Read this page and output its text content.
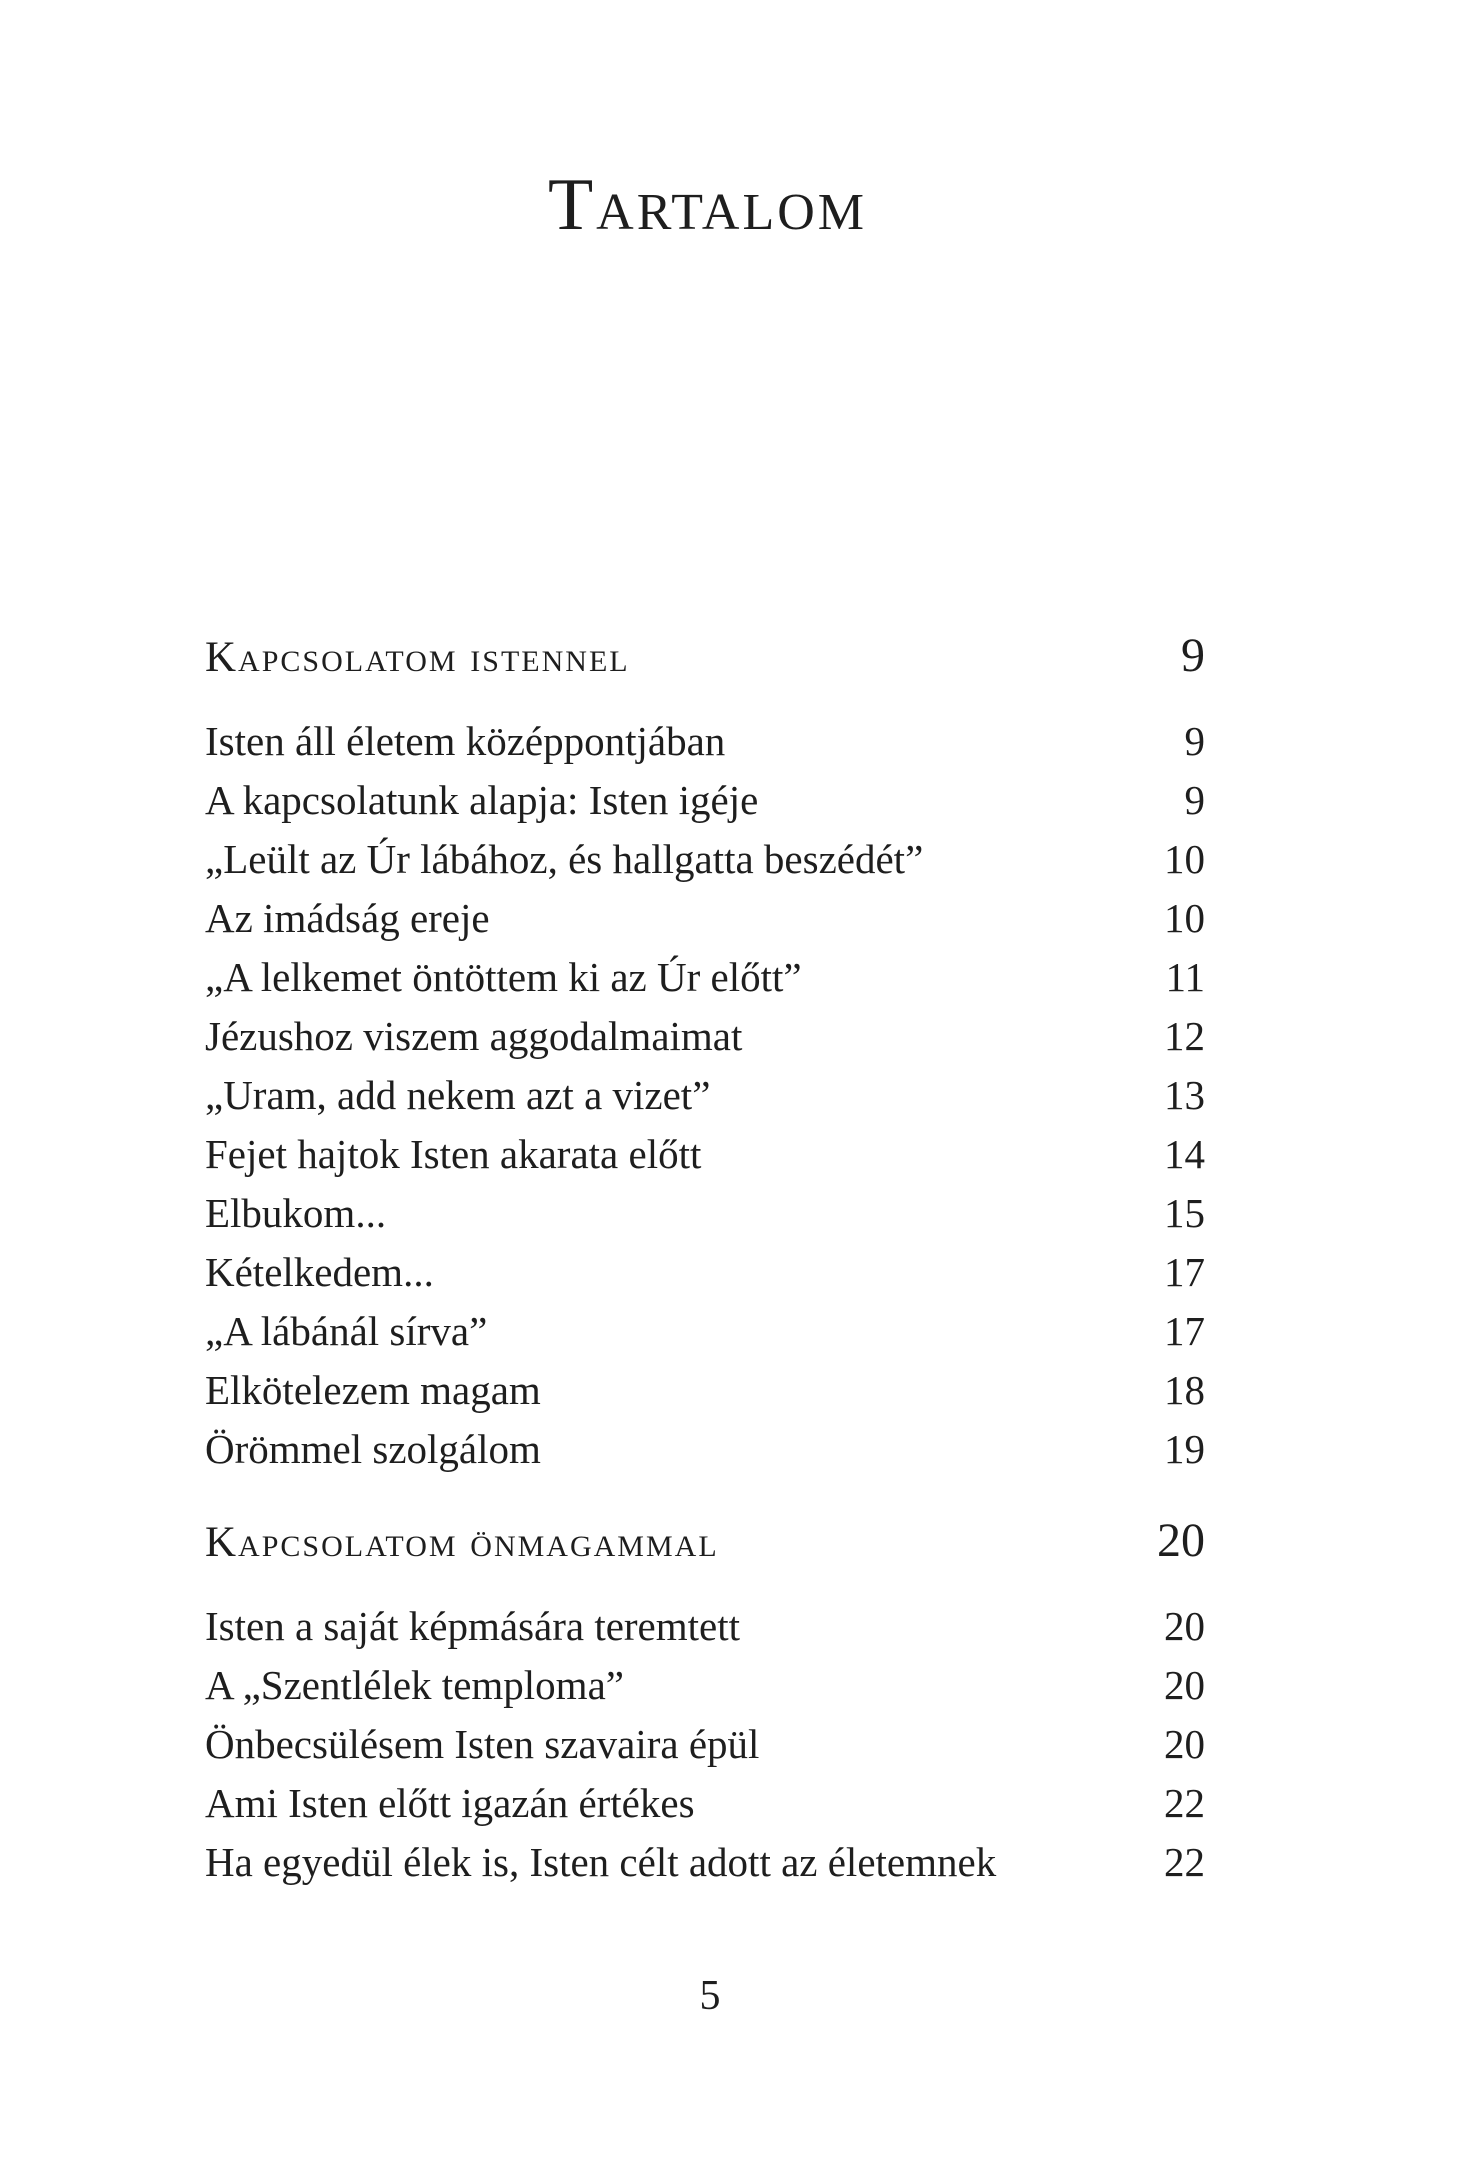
Tartalom
Kapcsolatom istennel	9
Isten áll életem középpontjában	9
A kapcsolatunk alapja: Isten igéje	9
„Leült az Úr lábához, és hallgatta beszédét”	10
Az imádság ereje	10
„A lelkemet öntöttem ki az Úr előtt”	11
Jézushoz viszem aggodalmaimat	12
„Uram, add nekem azt a vizet”	13
Fejet hajtok Isten akarata előtt	14
Elbukom...	15
Kételkedem...	17
„A lábánál sírva”	17
Elkötelezem magam	18
Örömmel szolgálom	19
Kapcsolatom önmagammal	20
Isten a saját képmására teremtett	20
A „Szentlélek temploma”	20
Önbecsülésem Isten szavaira épül	20
Ami Isten előtt igazán értékes	22
Ha egyedül élek is, Isten célt adott az életemnek	22
5
